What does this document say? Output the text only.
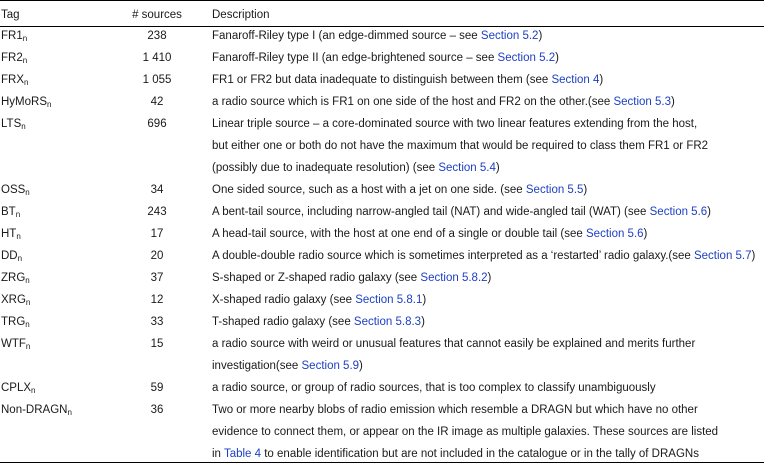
Tag	# sources	Description
$FR1_n$	238	Fanaroff-Riley type I (an edge-dimmed source – see Section 5.2)
$FR2_n$	1 410	Fanaroff-Riley type II (an edge-brightened source – see Section 5.2)
$FRX_n$	1 055	FR1 or FR2 but data inadequate to distinguish between them (see Section 4)
HyMoRS$_n$	42	a radio source which is FR1 on one side of the host and FR2 on the other.(see Section 5.3)
$LTS_n$	696	Linear triple source – a core-dominated source with two linear features extending from the host,
but either one or both do not have the maximum that would be required to class them FR1 or FR2
(possibly due to inadequate resolution) (see Section 5.4)
$OSS_n$	34	One sided source, such as a host with a jet on one side. (see Section 5.5)
$BT_n$	243	A bent-tail source, including narrow-angled tail (NAT) and wide-angled tail (WAT) (see Section 5.6)
$HT_n$	17	A head-tail source, with the host at one end of a single or double tail (see Section 5.6)
$DD_n$	20	A double-double radio source which is sometimes interpreted as a ‘restarted’ radio galaxy.(see Section 5.7)
$ZRG_n$	37	S-shaped or Z-shaped radio galaxy (see Section 5.8.2)
$XRG_n$	12	X-shaped radio galaxy (see Section 5.8.1)
$TRG_n$	33	T-shaped radio galaxy (see Section 5.8.3)
$WTF_n$	15	a radio source with weird or unusual features that cannot easily be explained and merits further
investigation(see Section 5.9)
$CPLX_n$	59	a radio source, or group of radio sources, that is too complex to classify unambiguously
Non-$DRAGN_n$	36	Two or more nearby blobs of radio emission which resemble a DRAGN but which have no other
evidence to connect them, or appear on the IR image as multiple galaxies. These sources are listed
in Table 4 to enable identification but are not included in the catalogue or in the tally of DRAGNs
